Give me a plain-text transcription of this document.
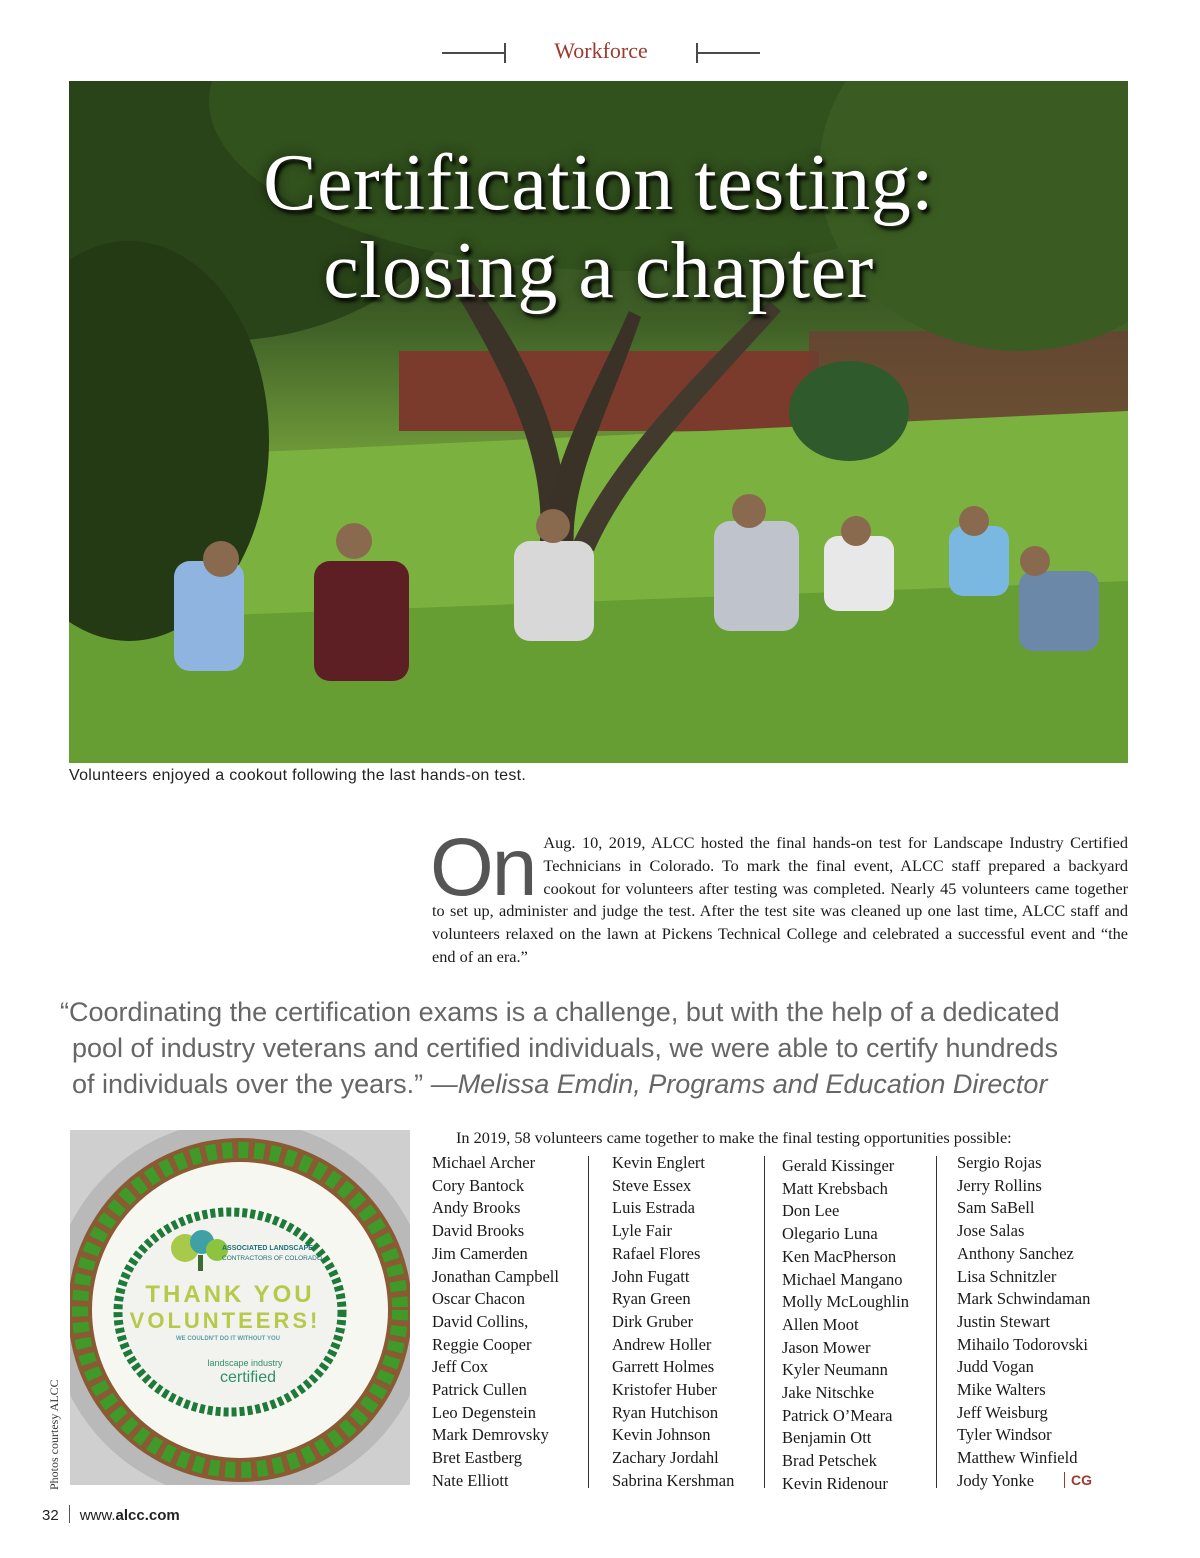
Workforce
Certification testing:
closing a chapter
Volunteers enjoyed a cookout following the last hands-on test.
On Aug. 10, 2019, ALCC hosted the final hands-on test for Landscape Industry Certified Technicians in Colorado. To mark the final event, ALCC staff prepared a backyard cookout for volunteers after testing was completed. Nearly 45 volunteers came together to set up, administer and judge the test. After the test site was cleaned up one last time, ALCC staff and volunteers relaxed on the lawn at Pickens Technical College and celebrated a successful event and “the end of an era.”
“Coordinating the certification exams is a challenge, but with the help of a dedicated
pool of industry veterans and certified individuals, we were able to certify hundreds
of individuals over the years.” —Melissa Emdin, Programs and Education Director
ASSOCIATED LANDSCAPE
CONTRACTORS OF COLORADO
THANK YOU
VOLUNTEERS!
WE COULDN'T DO IT WITHOUT YOU
landscape industry
certified
Photos courtesy ALCC
In 2019, 58 volunteers came together to make the final testing opportunities possible:
Michael Archer
Cory Bantock
Andy Brooks
David Brooks
Jim Camerden
Jonathan Campbell
Oscar Chacon
David Collins,
Reggie Cooper
Jeff Cox
Patrick Cullen
Leo Degenstein
Mark Demrovsky
Bret Eastberg
Nate Elliott
Kevin Englert
Steve Essex
Luis Estrada
Lyle Fair
Rafael Flores
John Fugatt
Ryan Green
Dirk Gruber
Andrew Holler
Garrett Holmes
Kristofer Huber
Ryan Hutchison
Kevin Johnson
Zachary Jordahl
Sabrina Kershman
Gerald Kissinger
Matt Krebsbach
Don Lee
Olegario Luna
Ken MacPherson
Michael Mangano
Molly McLoughlin
Allen Moot
Jason Mower
Kyler Neumann
Jake Nitschke
Patrick O’Meara
Benjamin Ott
Brad Petschek
Kevin Ridenour
Sergio Rojas
Jerry Rollins
Sam SaBell
Jose Salas
Anthony Sanchez
Lisa Schnitzler
Mark Schwindaman
Justin Stewart
Mihailo Todorovski
Judd Vogan
Mike Walters
Jeff Weisburg
Tyler Windsor
Matthew Winfield
Jody Yonke	CG
32 www.alcc.com
